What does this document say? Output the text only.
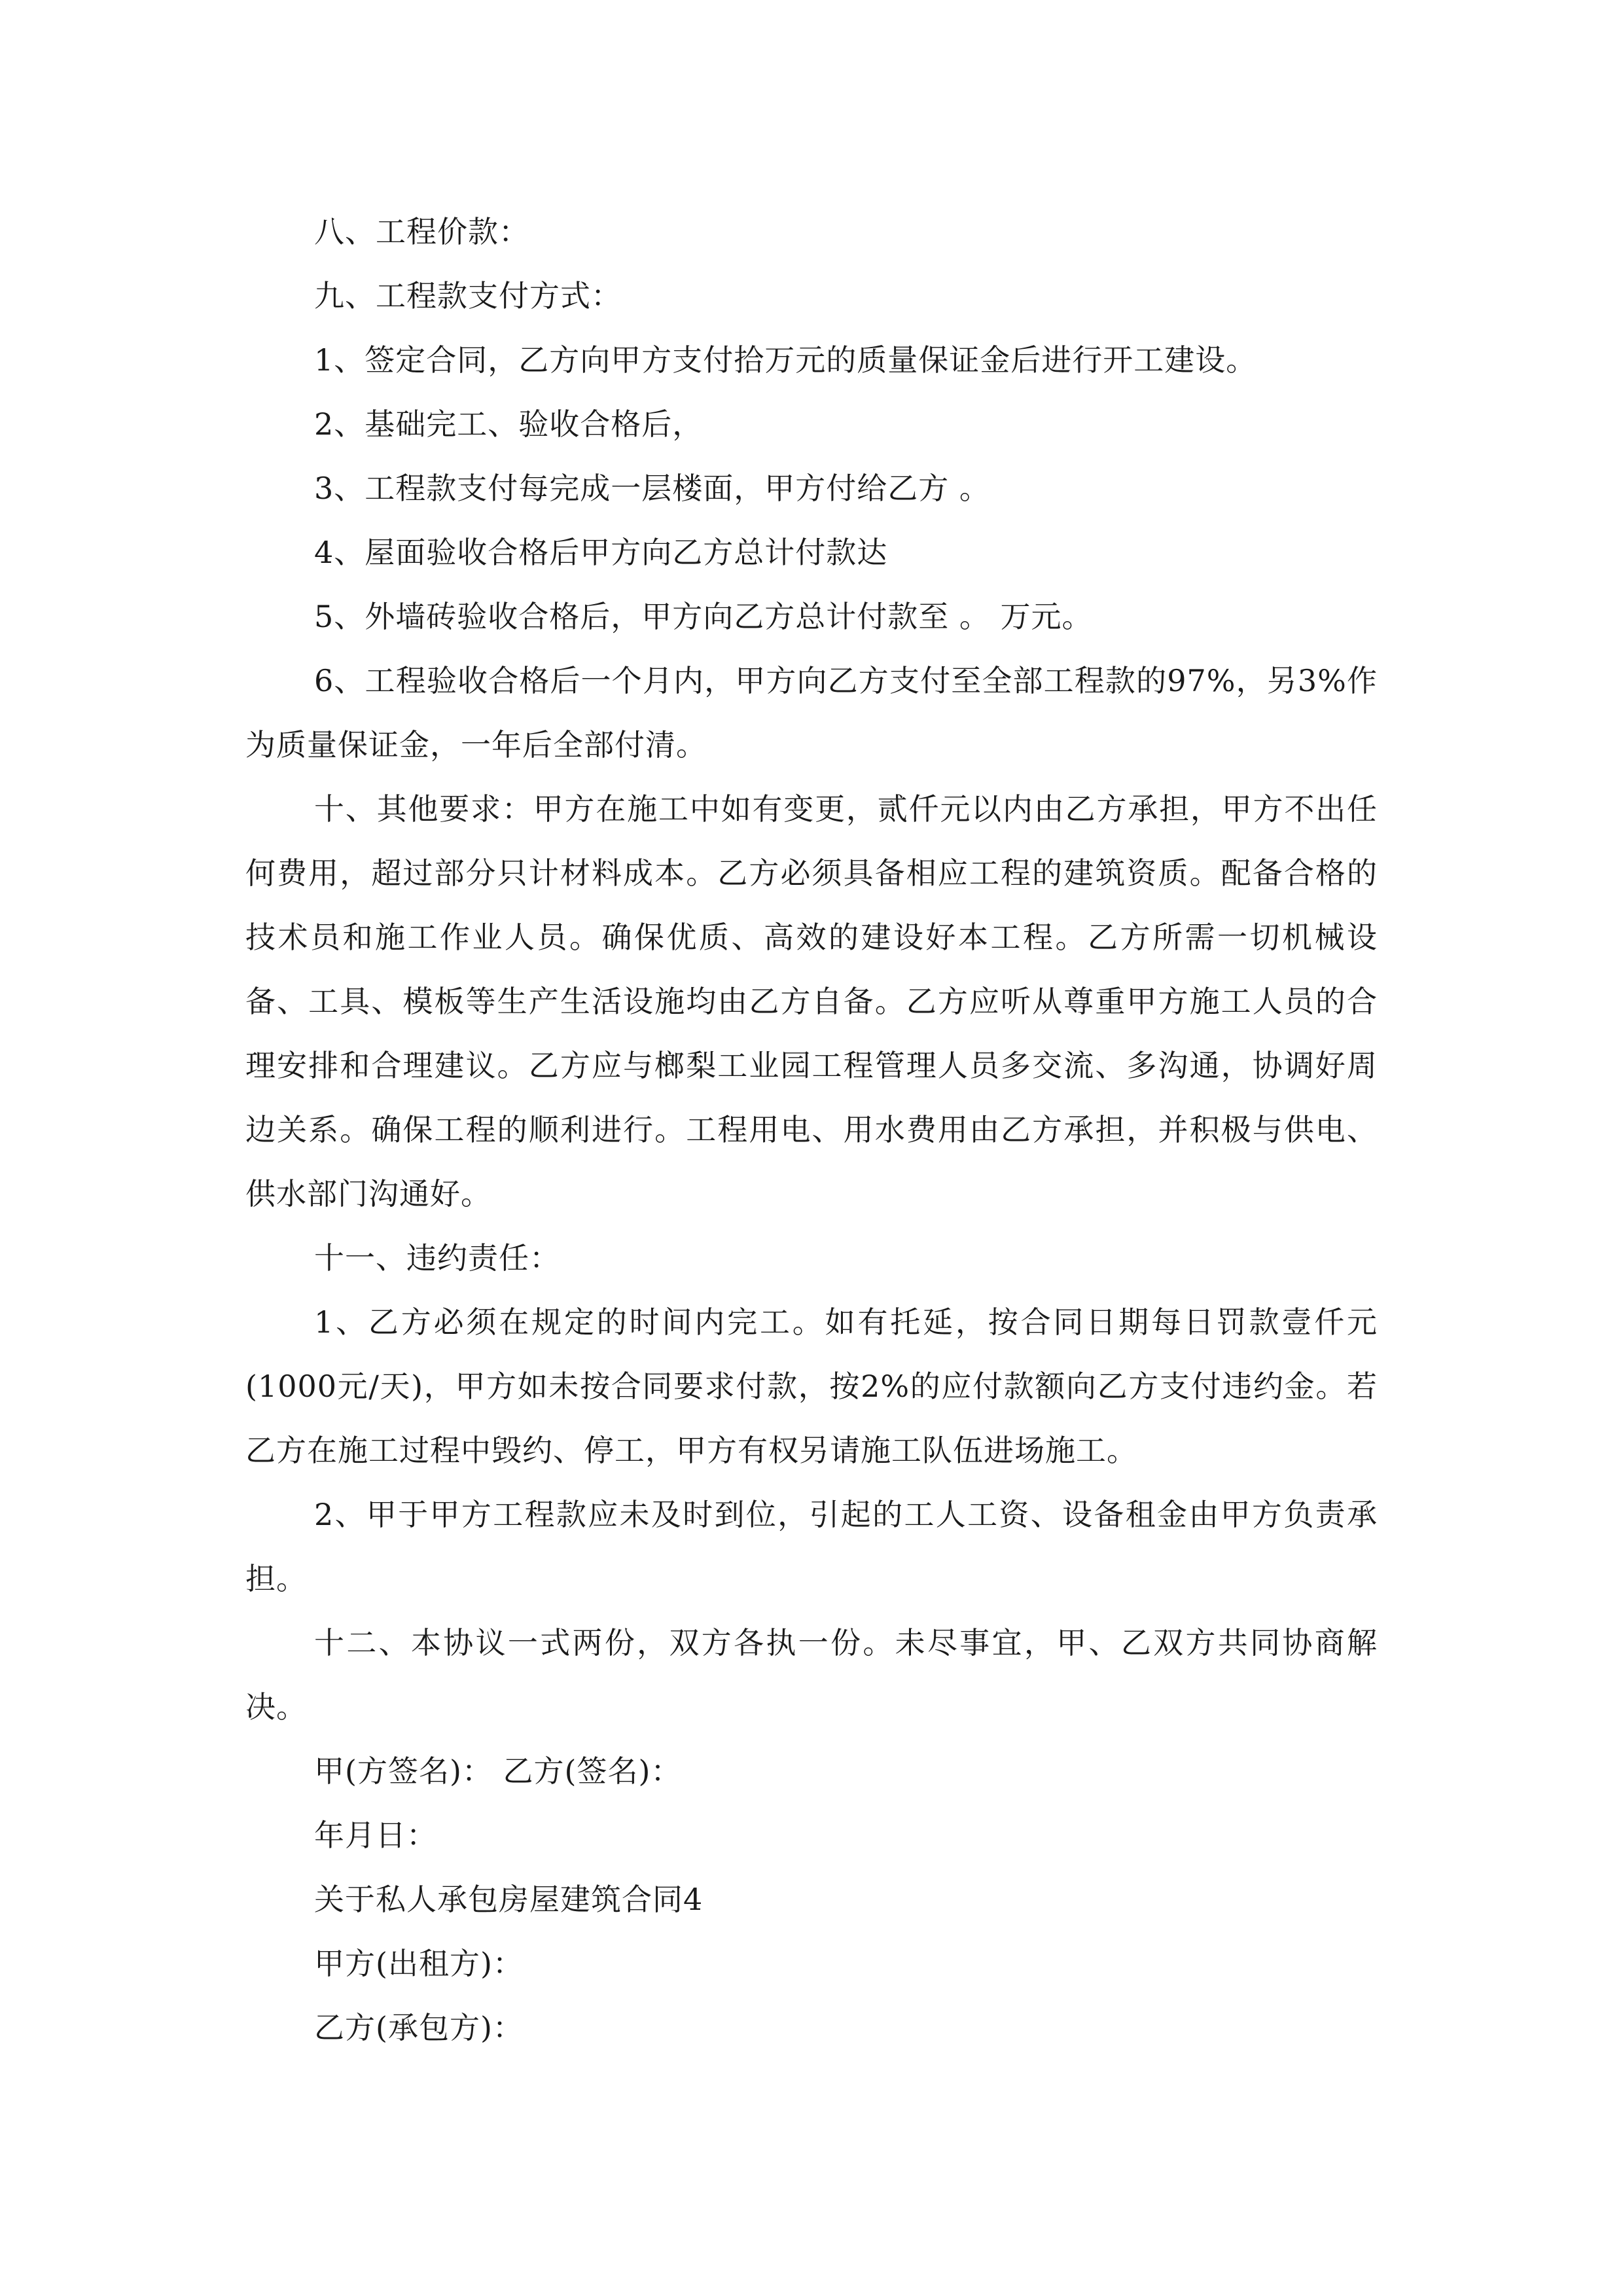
八、工程价款：

九、工程款支付方式：

1、签定合同，乙方向甲方支付拾万元的质量保证金后进行开工建设。

2、基础完工、验收合格后，

3、工程款支付每完成一层楼面，甲方付给乙方 。

4、屋面验收合格后甲方向乙方总计付款达

5、外墙砖验收合格后，甲方向乙方总计付款至 。 万元。

6、工程验收合格后一个月内，甲方向乙方支付至全部工程款的97%，另3%作为质量保证金，一年后全部付清。

十、其他要求：甲方在施工中如有变更，贰仟元以内由乙方承担，甲方不出任何费用，超过部分只计材料成本。乙方必须具备相应工程的建筑资质。配备合格的技术员和施工作业人员。确保优质、高效的建设好本工程。乙方所需一切机械设备、工具、模板等生产生活设施均由乙方自备。乙方应听从尊重甲方施工人员的合理安排和合理建议。乙方应与榔梨工业园工程管理人员多交流、多沟通，协调好周边关系。确保工程的顺利进行。工程用电、用水费用由乙方承担，并积极与供电、供水部门沟通好。

十一、违约责任：

1、乙方必须在规定的时间内完工。如有托延，按合同日期每日罚款壹仟元(1000元/天)，甲方如未按合同要求付款，按2%的应付款额向乙方支付违约金。若乙方在施工过程中毁约、停工，甲方有权另请施工队伍进场施工。

2、甲于甲方工程款应未及时到位，引起的工人工资、设备租金由甲方负责承担。

十二、本协议一式两份，双方各执一份。未尽事宜，甲、乙双方共同协商解决。

甲(方签名)： 乙方(签名)：

年月日：

关于私人承包房屋建筑合同4

甲方(出租方)：

乙方(承包方)：
